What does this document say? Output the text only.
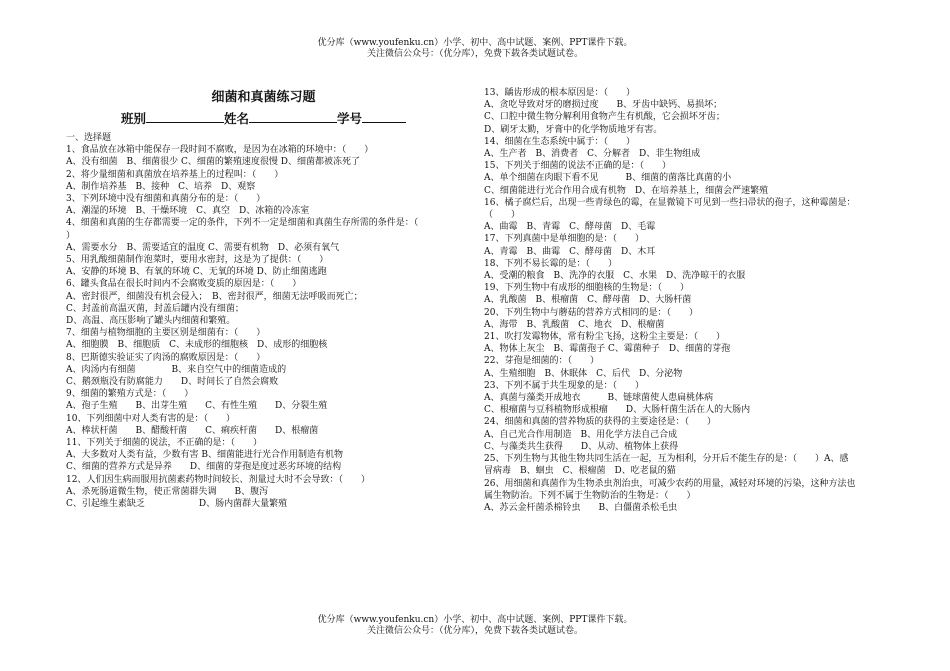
优分库（www.youfenku.cn）小学、初中、高中试题、案例、PPT课件下载。
关注微信公众号：（优分库），免费下载各类试题试卷。
细菌和真菌练习题
班别	姓名	学号
一、选择题
1、食品放在冰箱中能保存一段时间不腐败，是因为在冰箱的环境中：（　　）
A、没有细菌　B、细菌很少 C、细菌的繁殖速度很慢 D、细菌都被冻死了
2、将少量细菌和真菌放在培养基上的过程叫：（　　）
A、制作培养基　B、接种　C、培养　D、观察
3、下列环境中没有细菌和真菌分布的是：（　　）
A、潮湿的环境　B、干燥环境　C、真空　D、冰箱的冷冻室
4、细菌和真菌的生存都需要一定的条件，下列不一定是细菌和真菌生存所需的条件是：（
）
A、需要水分　B、需要适宜的温度 C、需要有机物　D、必须有氧气
5、用乳酸细菌制作泡菜时，要用水密封，这是为了提供：（　　）
A、安静的环境 B、有氧的环境 C、无氧的环境 D、防止细菌逃跑
6、罐头食品在很长时间内不会腐败变质的原因是：（　　）
A、密封很严，细菌没有机会侵入；　B、密封很严，细菌无法呼吸而死亡；
C、封盖前高温灭菌，封盖后罐内没有细菌；
D、高温、高压影响了罐头内细菌和繁殖。
7、细菌与植物细胞的主要区别是细菌有：（　　）
A、细胞膜　B、细胞质　C、未成形的细胞核　D、成形的细胞核
8、巴斯德实验证实了肉汤的腐败原因是：（　　）
A、肉汤内有细菌　　　　B、来自空气中的细菌造成的
C、鹅颈瓶没有防腐能力　　D、时间长了自然会腐败
9、细菌的繁殖方式是：（　　）
A、孢子生殖　　B、出芽生殖　　C、有性生殖　　D、分裂生殖
10、下列细菌中对人类有害的是：（　　）
A、棒状杆菌　　B、醋酸杆菌　　C、痢疾杆菌　　D、根瘤菌
11、下列关于细菌的说法，不正确的是：（　　）
A、大多数对人类有益，少数有害 B、细菌能进行光合作用制造有机物
C、细菌的营养方式是异养　　D、细菌的芽孢是度过恶劣环境的结构
12、人们因生病而服用抗菌素药物时间较长、剂量过大时不会导致：（　　）
A、杀死肠道微生物，使正常菌群失调　　B、腹泻
C、引起维生素缺乏　　　　　　D、肠内菌群大量繁殖
13、龋齿形成的根本原因是：（　　）
A、贪吃导致对牙的磨损过度　　B、牙齿中缺钙、易损坏；
C、口腔中微生物分解利用食物产生有机酸，它会损坏牙齿；
D、刷牙太勤，牙膏中的化学物质地牙有害。
14、细菌在生态系统中属于：（　　）
A、生产者　B、消费者　C、分解者　D、非生物组成
15、下列关于细菌的说法不正确的是：（　　）
A、单个细菌在肉眼下看不见　　　B、细菌的菌落比真菌的小
C、细菌能进行光合作用合成有机物　D、在培养基上，细菌会严速繁殖
16、橘子腐烂后，出现一些青绿色的霉，在显微镜下可见到一些扫帚状的孢子，这种霉菌是：
（　　）
A、曲霉　B、青霉　C、酵母菌　D、毛霉
17、下列真菌中是单细胞的是：（　　）
A、青霉　B、曲霉　C、酵母菌　D、木耳
18、下列不易长霉的是：（　　）
A、受潮的粮食　B、洗净的衣服　C、水果　D、洗净晾干的衣服
19、下列生物中有成形的细胞核的生物是：（　　）
A、乳酸菌　B、根瘤菌　C、酵母菌　D、大肠杆菌
20、下列生物中与蘑菇的营养方式相同的是：（　　）
A、海带　B、乳酸菌　C、地衣　D、根瘤菌
21、吹打发霉物体，常有粉尘飞扬，这粉尘主要是：（　　）
A、物体上灰尘　B、霉菌孢子 C、霉菌种子　D、细菌的芽孢
22、芽孢是细菌的：（　　）
A、生殖细胞　B、休眠体　C、后代　D、分泌物
23、下列不属于共生现象的是：（　　）
A、真菌与藻类开成地衣　　　B、链球菌使人患扁桃体病
C、根瘤菌与豆科植物形成根瘤　　D、大肠杆菌生活在人的大肠内
24、细菌和真菌的营养物质的获得的主要途径是：（　　）
A、自己光合作用制造　B、用化学方法自己合成
C、与藻类共生获得　　D、从动、植物体上获得
25、下列生物与其他生物共同生活在一起，互为相利，分开后不能生存的是：（　　）A、感
冒病毒　B、蛔虫　C、根瘤菌　D、吃老鼠的猫
26、用细菌和真菌作为生物杀虫剂治虫，可减少农药的用量，减轻对环境的污染，这种方法也
属生物防治。下列不属于生物防治的生物是：（　　）
A、苏云金杆菌杀棉铃虫　　B、白僵菌杀松毛虫
优分库（www.youfenku.cn）小学、初中、高中试题、案例、PPT课件下载。
关注微信公众号：（优分库），免费下载各类试题试卷。
